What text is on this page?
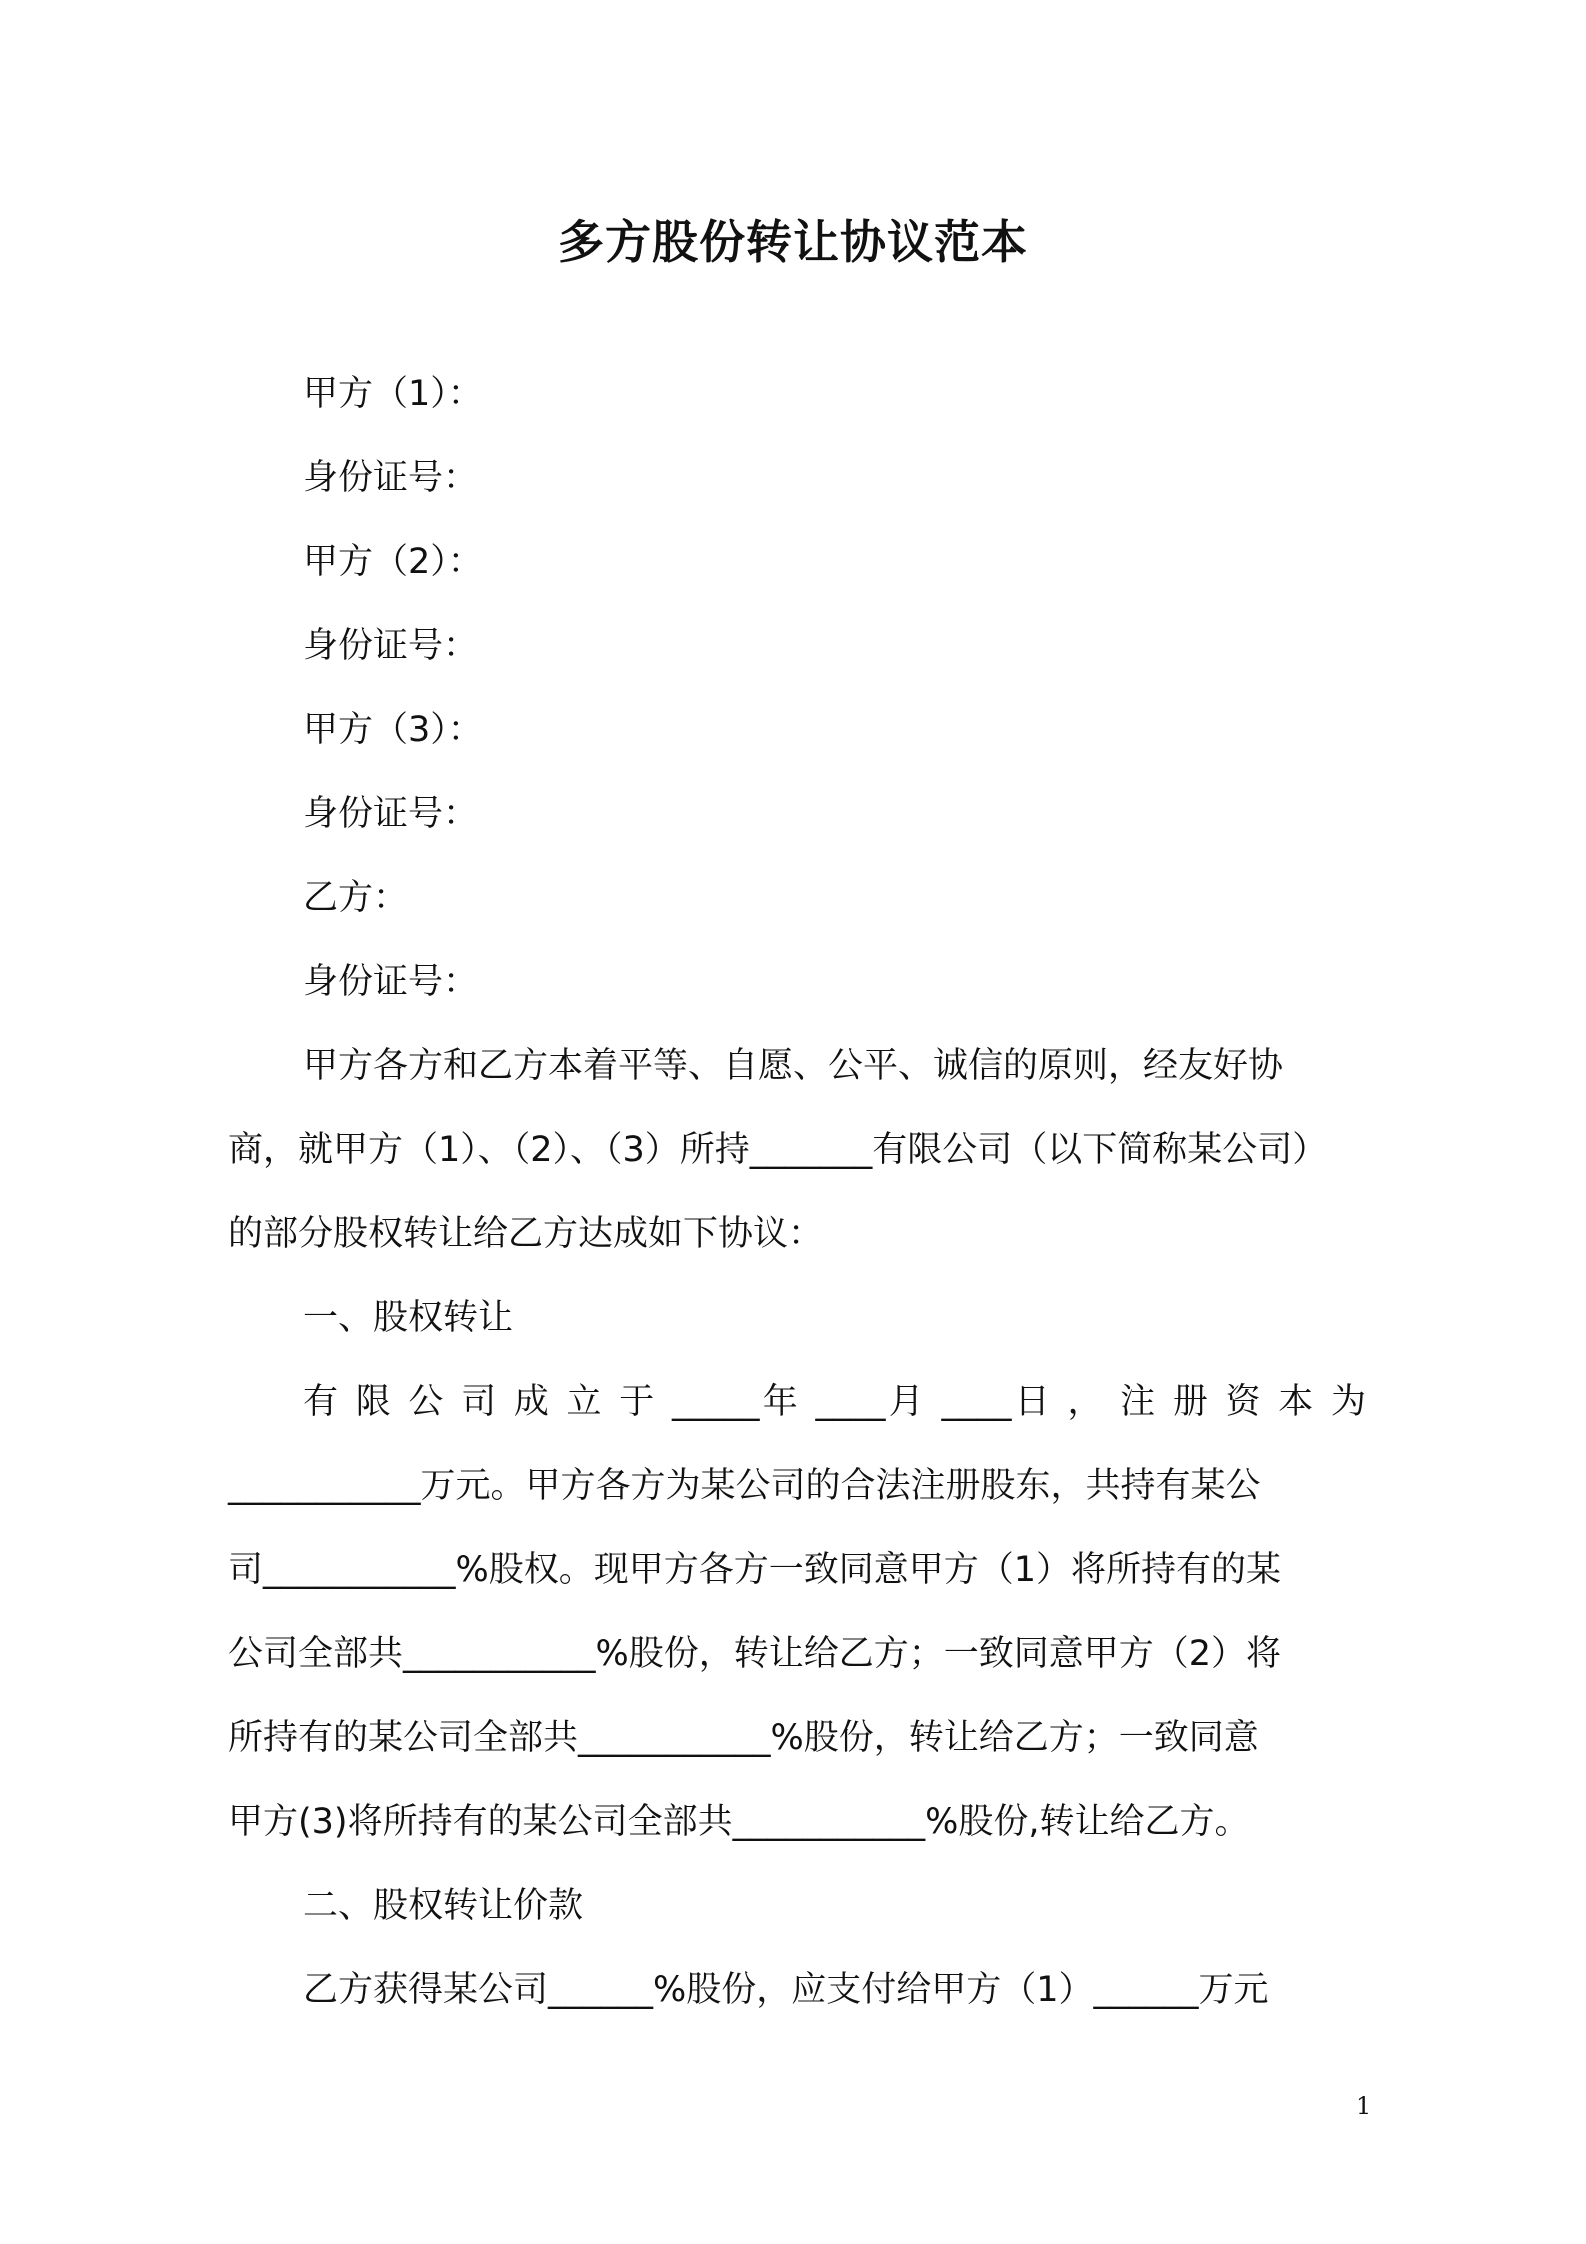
多方股份转让协议范本
甲方（1）：
身份证号：
甲方（2）：
身份证号：
甲方（3）：
身份证号：
乙方：
身份证号：
甲方各方和乙方本着平等、自愿、公平、诚信的原则，经友好协
商，就甲方（1）、（2）、（3）所持_______有限公司（以下简称某公司）
的部分股权转让给乙方达成如下协议：
一、股权转让
有 限 公 司 成 立 于 _____年 ____月 ____日 ， 注 册 资 本 为
___________万元。甲方各方为某公司的合法注册股东，共持有某公
司___________%股权。现甲方各方一致同意甲方（1）将所持有的某
公司全部共___________%股份，转让给乙方；一致同意甲方（2）将
所持有的某公司全部共___________%股份，转让给乙方；一致同意
甲方(3)将所持有的某公司全部共___________%股份,转让给乙方。
二、股权转让价款
乙方获得某公司______%股份，应支付给甲方（1）______万元
1
